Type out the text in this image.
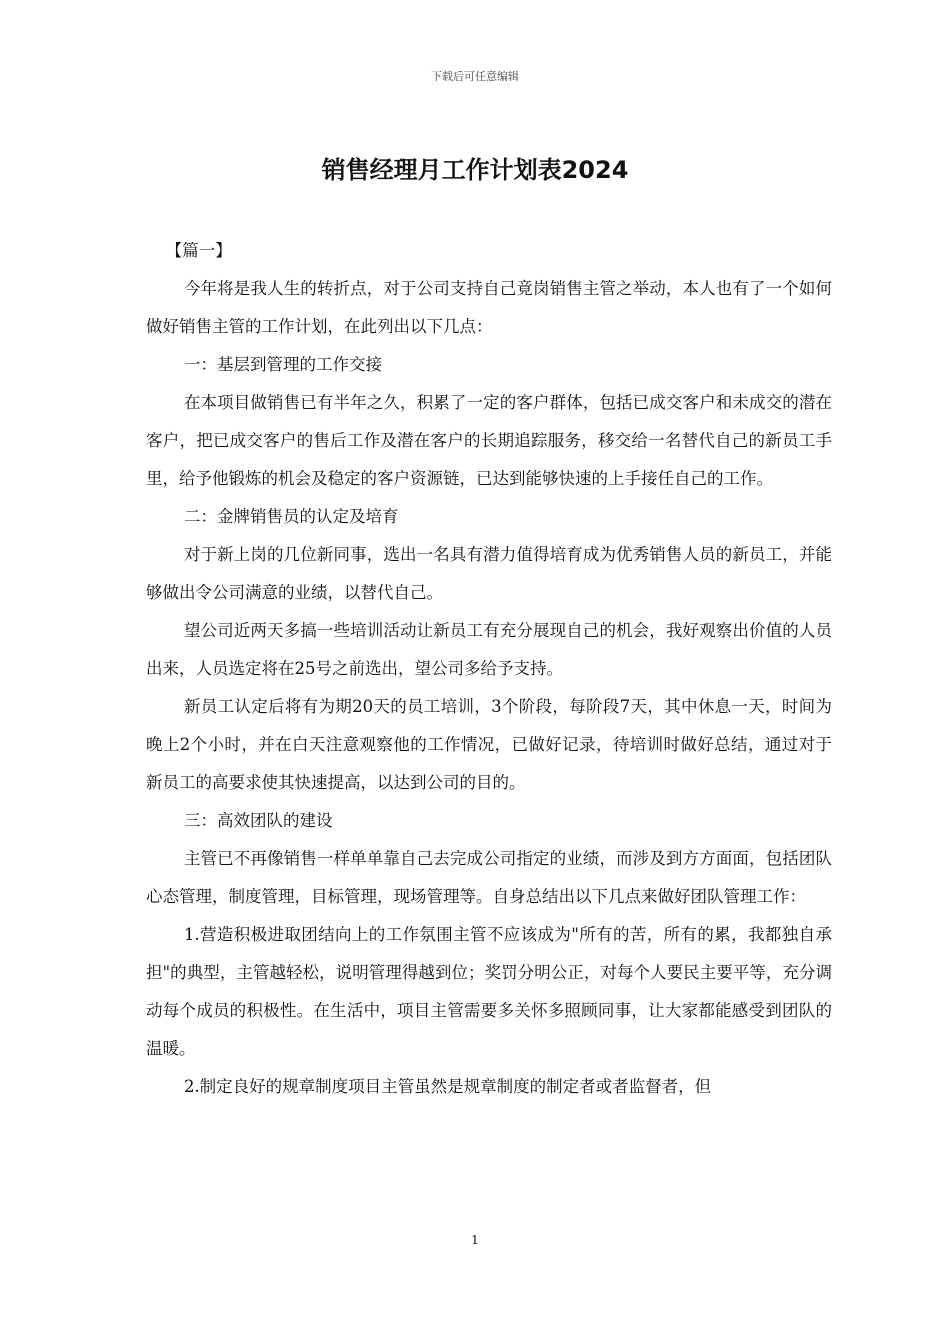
下载后可任意编辑
销售经理月工作计划表2024

【篇一】

今年将是我人生的转折点，对于公司支持自己竟岗销售主管之举动，本人也有了一个如何做好销售主管的工作计划，在此列出以下几点：

一：基层到管理的工作交接

在本项目做销售已有半年之久，积累了一定的客户群体，包括已成交客户和未成交的潜在客户，把已成交客户的售后工作及潜在客户的长期追踪服务，移交给一名替代自己的新员工手里，给予他锻炼的机会及稳定的客户资源链，已达到能够快速的上手接任自己的工作。

二：金牌销售员的认定及培育

对于新上岗的几位新同事，选出一名具有潜力值得培育成为优秀销售人员的新员工，并能够做出令公司满意的业绩，以替代自己。

望公司近两天多搞一些培训活动让新员工有充分展现自己的机会，我好观察出价值的人员出来，人员选定将在25号之前选出，望公司多给予支持。

新员工认定后将有为期20天的员工培训，3个阶段，每阶段7天，其中休息一天，时间为晚上2个小时，并在白天注意观察他的工作情况，已做好记录，待培训时做好总结，通过对于新员工的高要求使其快速提高，以达到公司的目的。

三：高效团队的建设

主管已不再像销售一样单单靠自己去完成公司指定的业绩，而涉及到方方面面，包括团队心态管理，制度管理，目标管理，现场管理等。自身总结出以下几点来做好团队管理工作：

1.营造积极进取团结向上的工作氛围主管不应该成为"所有的苦，所有的累，我都独自承担"的典型，主管越轻松，说明管理得越到位；奖罚分明公正，对每个人要民主要平等，充分调动每个成员的积极性。在生活中，项目主管需要多关怀多照顾同事，让大家都能感受到团队的温暖。

2.制定良好的规章制度项目主管虽然是规章制度的制定者或者监督者，但

1
